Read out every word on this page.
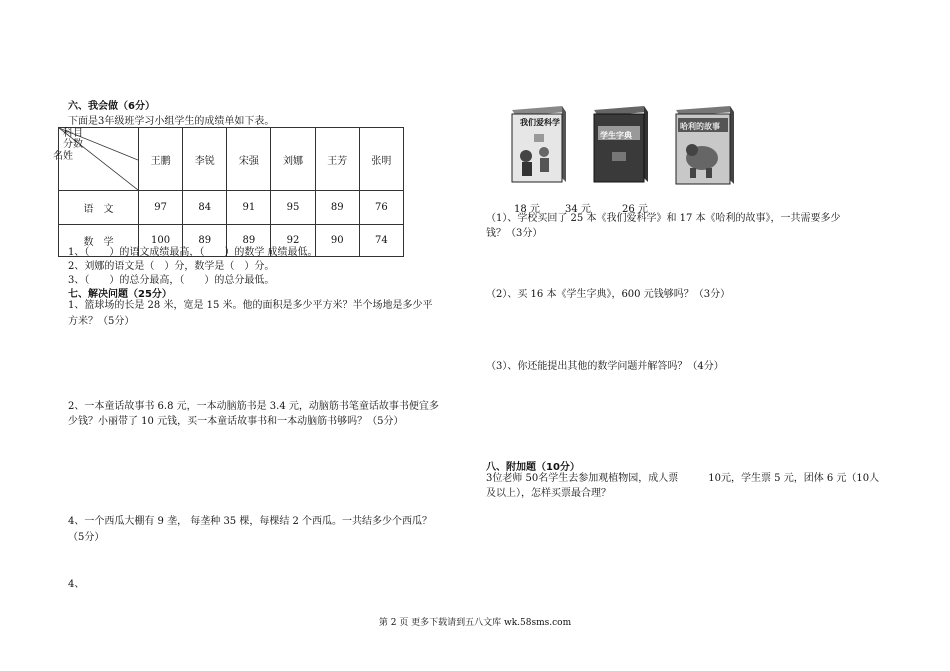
六、我会做（6分）
下面是3年级班学习小组学生的成绩单如下表。
科目
分数
名姓	王鹏	李锐	宋强	刘娜	王芳	张明
语　文	97	84	91	95	89	76
数　学	100	89	89	92	90	74
1、（　　）的语文成绩最高，（　　）的数学 成绩最低。
2、刘娜的语文是（　）分，数学是（　）分。
3、（　　）的总分最高，（　　）的总分最低。
七、解决问题（25分）
1、篮球场的长是 28 米，宽是 15 米。他的面积是多少平方米？半个场地是多少平
方米？（5分）
2、一本童话故事书 6.8 元，一本动脑筋书是 3.4 元，动脑筋书笔童话故事书便宜多
少钱？小丽带了 10 元钱，买一本童话故事书和一本动脑筋书够吗？（5分）
4、一个西瓜大棚有 9 垄， 每垄种 35 棵，每棵结 2 个西瓜。一共结多少个西瓜？
（5分）
4、
我们爱科学
学生字典
哈利的故事
18 元	34 元	26 元
（1）、学校买回了 25 本《我们爱科学》和 17 本《哈利的故事》，一共需要多少
钱？（3分）
（2）、买 16 本《学生字典》，600 元钱够吗？（3分）
（3）、你还能提出其他的数学问题并解答吗？（4分）
八、附加题（10分）
3位老师 50名学生去参加观植物园，成人票　　　10元，学生票 5 元，团体 6 元（10人
及以上），怎样买票最合理？
第 2 页 更多下载请到五八文库 wk.58sms.com
